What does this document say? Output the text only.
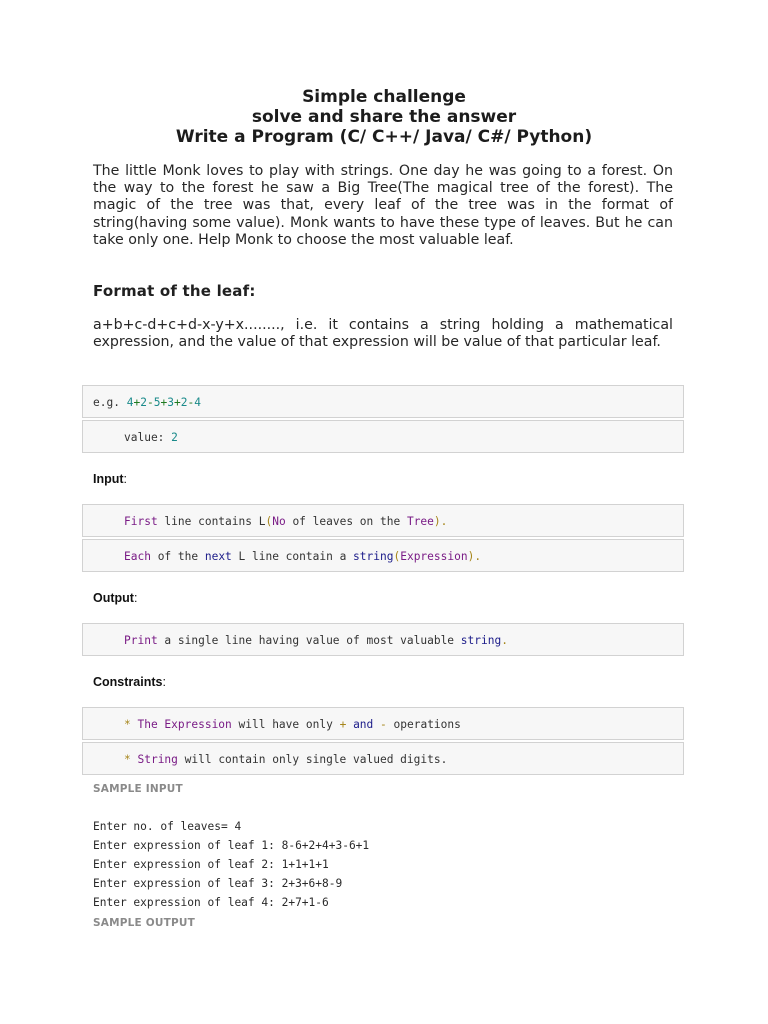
Simple challenge
solve and share the answer
Write a Program (C/ C++/ Java/ C#/ Python)

The little Monk loves to play with strings. One day he was going to a forest. On the way to the forest he saw a Big Tree(The magical tree of the forest). The magic of the tree was that, every leaf of the tree was in the format of string(having some value). Monk wants to have these type of leaves. But he can take only one. Help Monk to choose the most valuable leaf.

Format of the leaf:

a+b+c-d+c+d-x-y+x........, i.e. it contains a string holding a mathematical expression, and the value of that expression will be value of that particular leaf.

e.g. 4+2-5+3+2-4
value: 2
Input:
First line contains L(No of leaves on the Tree).
Each of the next L line contain a string(Expression).
Output:
Print a single line having value of most valuable string.
Constraints:
* The Expression will have only + and - operations
* String will contain only single valued digits.
SAMPLE INPUT
Enter no. of leaves= 4
Enter expression of leaf 1: 8-6+2+4+3-6+1
Enter expression of leaf 2: 1+1+1+1
Enter expression of leaf 3: 2+3+6+8-9
Enter expression of leaf 4: 2+7+1-6
SAMPLE OUTPUT
